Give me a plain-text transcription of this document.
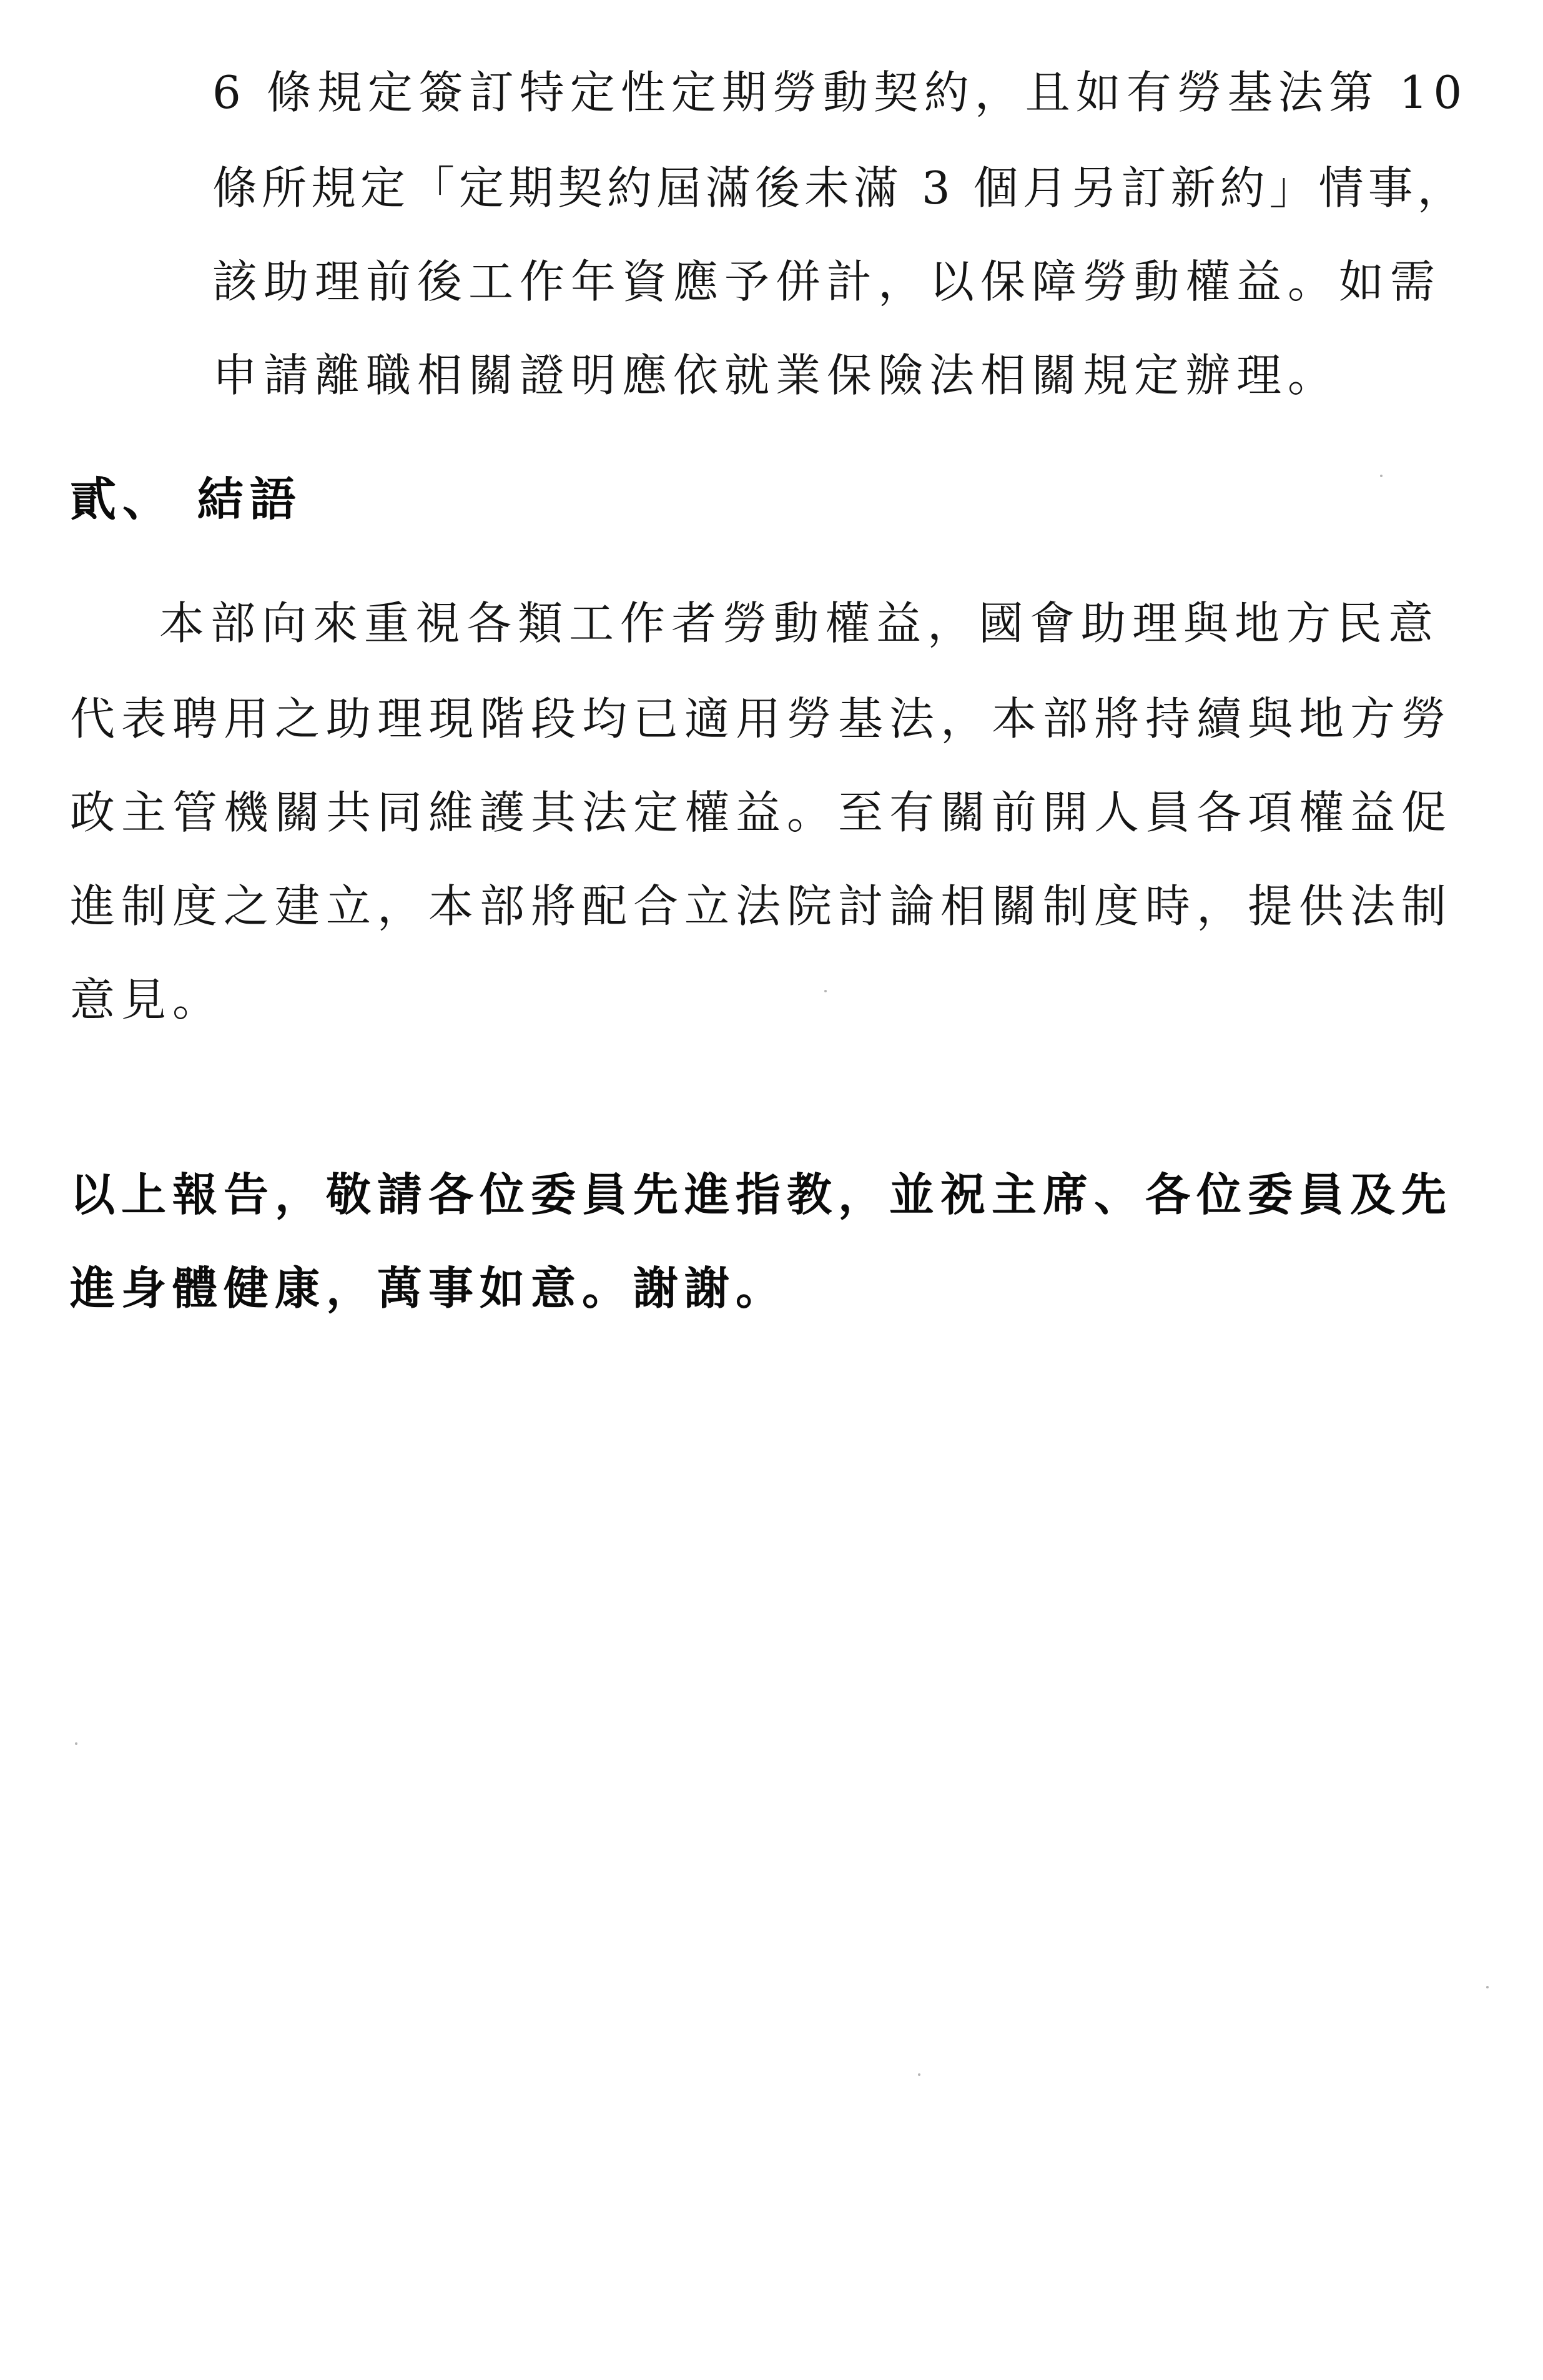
6 條規定簽訂特定性定期勞動契約，且如有勞基法第 10
條所規定「定期契約屆滿後未滿 3 個月另訂新約」情事，
該助理前後工作年資應予併計，以保障勞動權益。如需
申請離職相關證明應依就業保險法相關規定辦理。
貳、 結語
本部向來重視各類工作者勞動權益，國會助理與地方民意
代表聘用之助理現階段均已適用勞基法，本部將持續與地方勞
政主管機關共同維護其法定權益。至有關前開人員各項權益促
進制度之建立，本部將配合立法院討論相關制度時，提供法制
意見。
以上報告，敬請各位委員先進指教，並祝主席、各位委員及先
進身體健康，萬事如意。謝謝。
